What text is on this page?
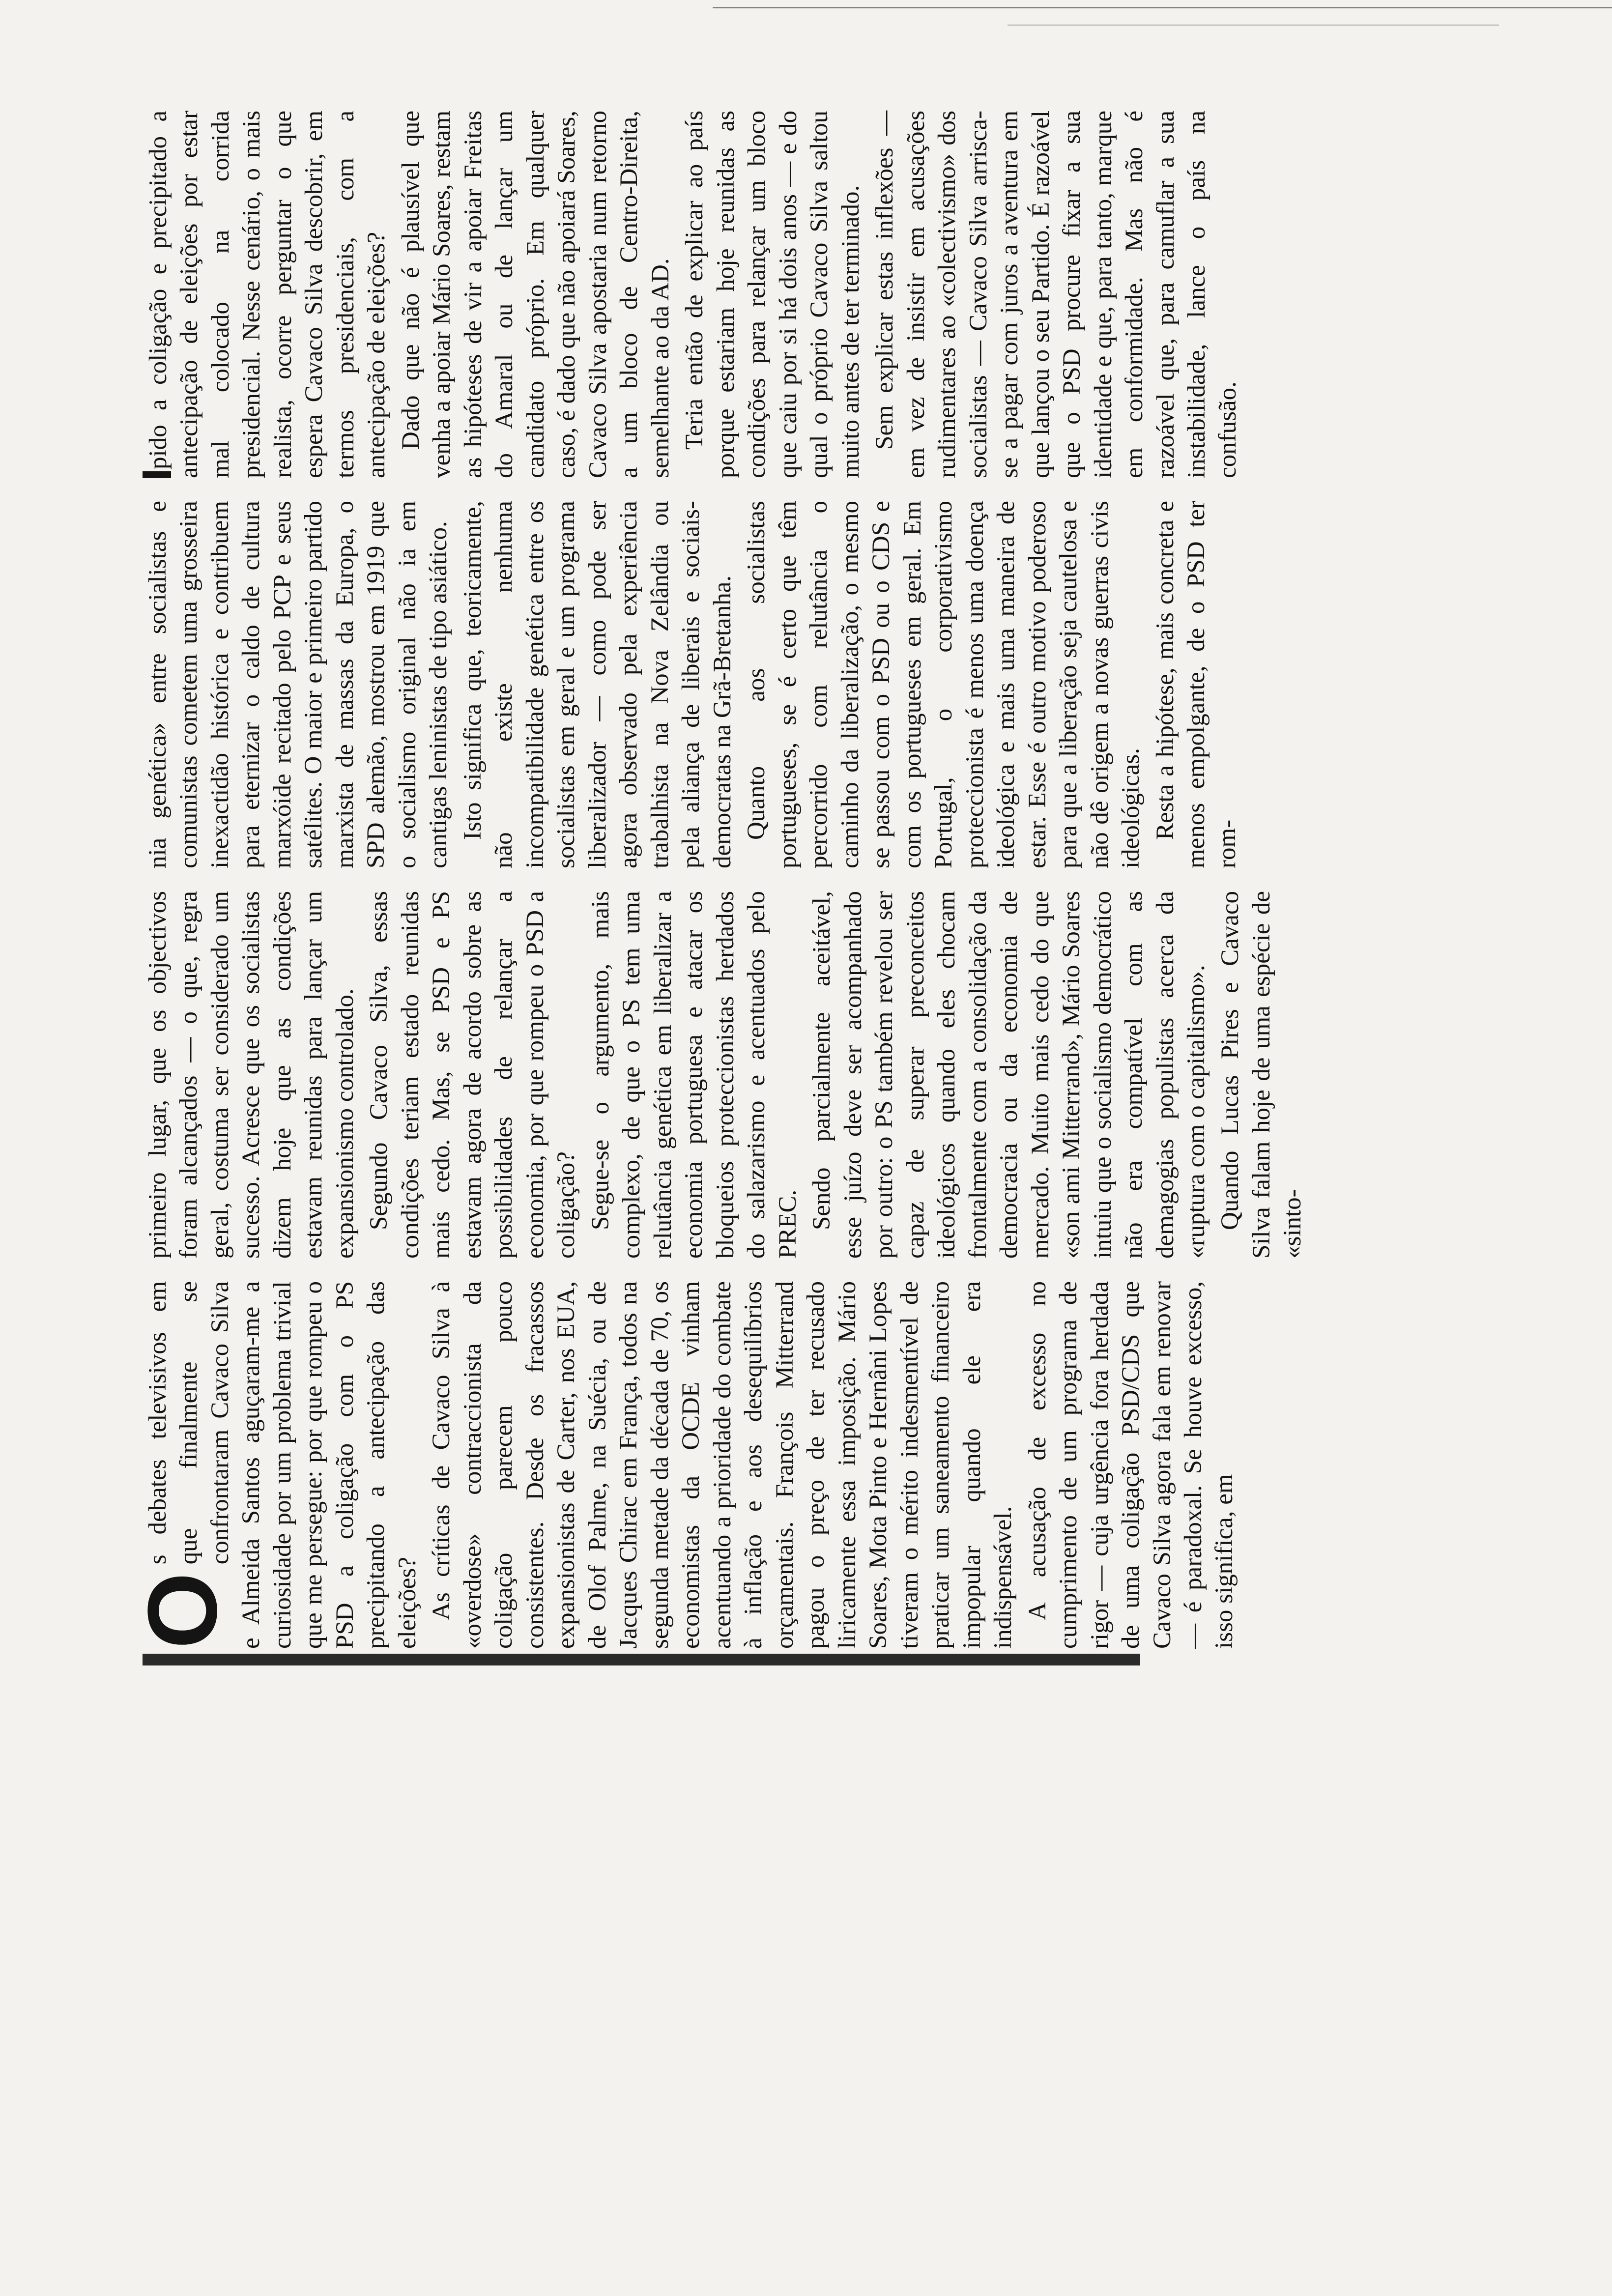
O
s debates televisivos em que finalmente se confrontaram Cavaco Silva e Almeida Santos aguçaram-me a curiosidade por um problema trivial que me persegue: por que rompeu o PSD a coligação com o PS precipitando a antecipação das eleições? As críticas de Cavaco Silva à «overdose» contraccionista da coligação parecem pouco consistentes. Desde os fracassos expansionistas de Carter, nos EUA, de Olof Palme, na Suécia, ou de Jacques Chirac em França, todos na segunda metade da década de 70, os economistas da OCDE vinham acentuando a prioridade do combate à inflação e aos desequilíbrios orçamentais. François Mitterrand pagou o preço de ter recusado liricamente essa imposição. Mário Soares, Mota Pinto e Hernâni Lopes tiveram o mérito indesmentível de praticar um saneamento financeiro impopular quando ele era indispensável. A acusação de excesso no cumprimento de um programa de rigor — cuja urgência fora herdada de uma coligação PSD/CDS que Cavaco Silva agora fala em renovar — é paradoxal. Se houve excesso, isso significa, em

primeiro lugar, que os objectivos foram alcançados — o que, regra geral, costuma ser considerado um sucesso. Acresce que os socialistas dizem hoje que as condições estavam reunidas para lançar um expansionismo controlado. Segundo Cavaco Silva, essas condições teriam estado reunidas mais cedo. Mas, se PSD e PS estavam agora de acordo sobre as possibilidades de relançar a economia, por que rompeu o PSD a coligação? Segue-se o argumento, mais complexo, de que o PS tem uma relutância genética em liberalizar a economia portuguesa e atacar os bloqueios proteccionistas herdados do salazarismo e acentuados pelo PREC. Sendo parcialmente aceitável, esse juízo deve ser acompanhado por outro: o PS também revelou ser capaz de superar preconceitos ideológicos quando eles chocam frontalmente com a consolidação da democracia ou da economia de mercado. Muito mais cedo do que «son ami Mitterrand», Mário Soares intuiu que o socialismo democrático não era compatível com as demagogias populistas acerca da «ruptura com o capitalismo». Quando Lucas Pires e Cavaco Silva falam hoje de uma espécie de «sinto-

nia genética» entre socialistas e comunistas cometem uma grosseira inexactidão histórica e contribuem para eternizar o caldo de cultura marxóide recitado pelo PCP e seus satélites. O maior e primeiro partido marxista de massas da Europa, o SPD alemão, mostrou em 1919 que o socialismo original não ia em cantigas leninistas de tipo asiático. Isto significa que, teoricamente, não existe nenhuma incompatibilidade genética entre os socialistas em geral e um programa liberalizador — como pode ser agora observado pela experiência trabalhista na Nova Zelândia ou pela aliança de liberais e sociais-democratas na Grã-Bretanha. Quanto aos socialistas portugueses, se é certo que têm percorrido com relutância o caminho da liberalização, o mesmo se passou com o PSD ou o CDS e com os portugueses em geral. Em Portugal, o corporativismo proteccionista é menos uma doença ideológica e mais uma maneira de estar. Esse é outro motivo poderoso para que a liberação seja cautelosa e não dê origem a novas guerras civis ideológicas. Resta a hipótese, mais concreta e menos empolgante, de o PSD ter rom-

pido a coligação e precipitado a antecipação de eleições por estar mal colocado na corrida presidencial. Nesse cenário, o mais realista, ocorre perguntar o que espera Cavaco Silva descobrir, em termos presidenciais, com a antecipação de eleições? Dado que não é plausível que venha a apoiar Mário Soares, restam as hipóteses de vir a apoiar Freitas do Amaral ou de lançar um candidato próprio. Em qualquer caso, é dado que não apoiará Soares, Cavaco Silva apostaria num retorno a um bloco de Centro-Direita, semelhante ao da AD. Teria então de explicar ao país porque estariam hoje reunidas as condições para relançar um bloco que caiu por si há dois anos — e do qual o próprio Cavaco Silva saltou muito antes de ter terminado. Sem explicar estas inflexões — em vez de insistir em acusações rudimentares ao «colectivismo» dos socialistas — Cavaco Silva arrisca-se a pagar com juros a aventura em que lançou o seu Partido. É razoável que o PSD procure fixar a sua identidade e que, para tanto, marque em conformidade. Mas não é razoável que, para camuflar a sua instabilidade, lance o país na confusão.
